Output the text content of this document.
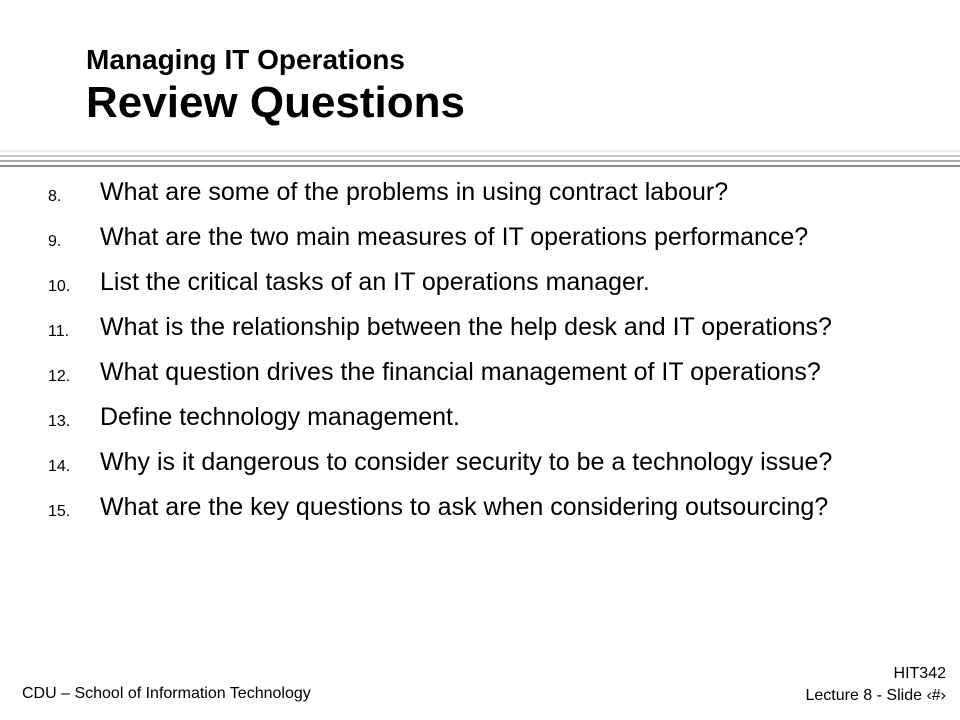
Managing IT Operations
Review Questions
8.	What are some of the problems in using contract labour?
9.	What are the two main measures of IT operations performance?
10.	List the critical tasks of an IT operations manager.
11.	What is the relationship between the help desk and IT operations?
12.	What question drives the financial management of IT operations?
13.	Define technology management.
14.	Why is it dangerous to consider security to be a technology issue?
15.	What are the key questions to ask when considering outsourcing?
CDU – School of Information Technology
HIT342
Lecture 8 - Slide ‹#›
